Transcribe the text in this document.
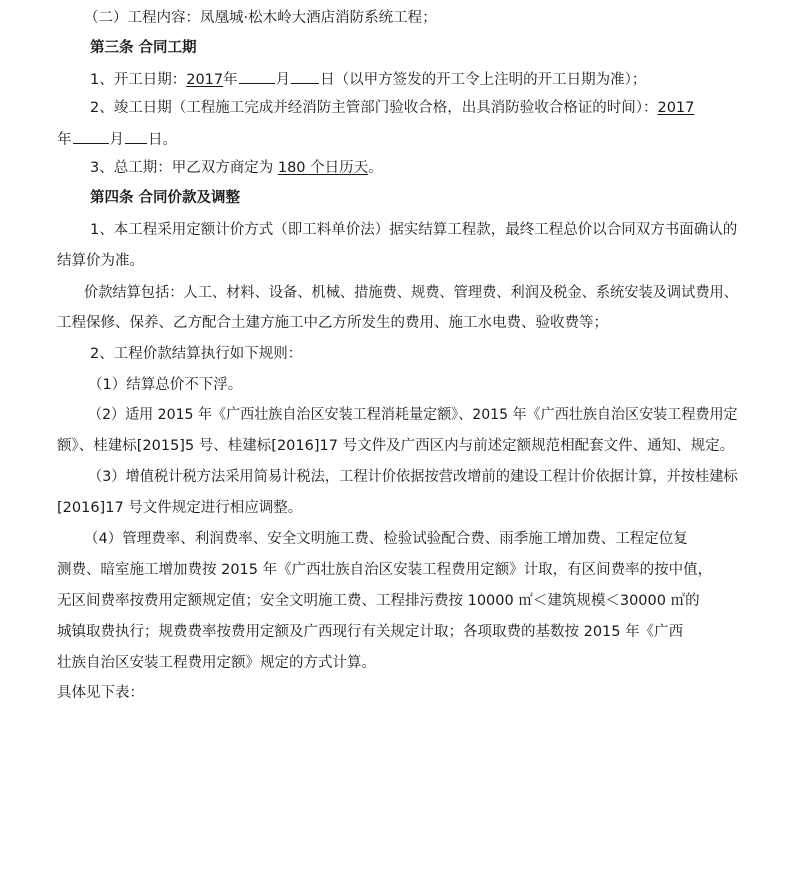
（二）工程内容：凤凰城·松木岭大酒店消防系统工程；
第三条 合同工期
1、开工日期：2017年	月 日（以甲方签发的开工令上注明的开工日期为准）；
2、竣工日期（工程施工完成并经消防主管部门验收合格，出具消防验收合格证的时间）：2017
年	月 日。
3、总工期：甲乙双方商定为 180 个日历天。
第四条 合同价款及调整
1、本工程采用定额计价方式（即工料单价法）据实结算工程款，最终工程总价以合同双方书面确认的
结算价为准。
价款结算包括：人工、材料、设备、机械、措施费、规费、管理费、利润及税金、系统安装及调试费用、
工程保修、保养、乙方配合土建方施工中乙方所发生的费用、施工水电费、验收费等；
2、工程价款结算执行如下规则：
（1）结算总价不下浮。
（2）适用 2015 年《广西壮族自治区安装工程消耗量定额》、2015 年《广西壮族自治区安装工程费用定
额》、桂建标[2015]5 号、桂建标[2016]17 号文件及广西区内与前述定额规范相配套文件、通知、规定。
（3）增值税计税方法采用简易计税法，工程计价依据按营改增前的建设工程计价依据计算，并按桂建标
[2016]17 号文件规定进行相应调整。
（4）管理费率、利润费率、安全文明施工费、检验试验配合费、雨季施工增加费、工程定位复
测费、暗室施工增加费按 2015 年《广西壮族自治区安装工程费用定额》计取，有区间费率的按中值，
无区间费率按费用定额规定值；安全文明施工费、工程排污费按 10000 ㎡＜建筑规模＜30000 ㎡的
城镇取费执行；规费费率按费用定额及广西现行有关规定计取；各项取费的基数按 2015 年《广西
壮族自治区安装工程费用定额》规定的方式计算。
具体见下表：
